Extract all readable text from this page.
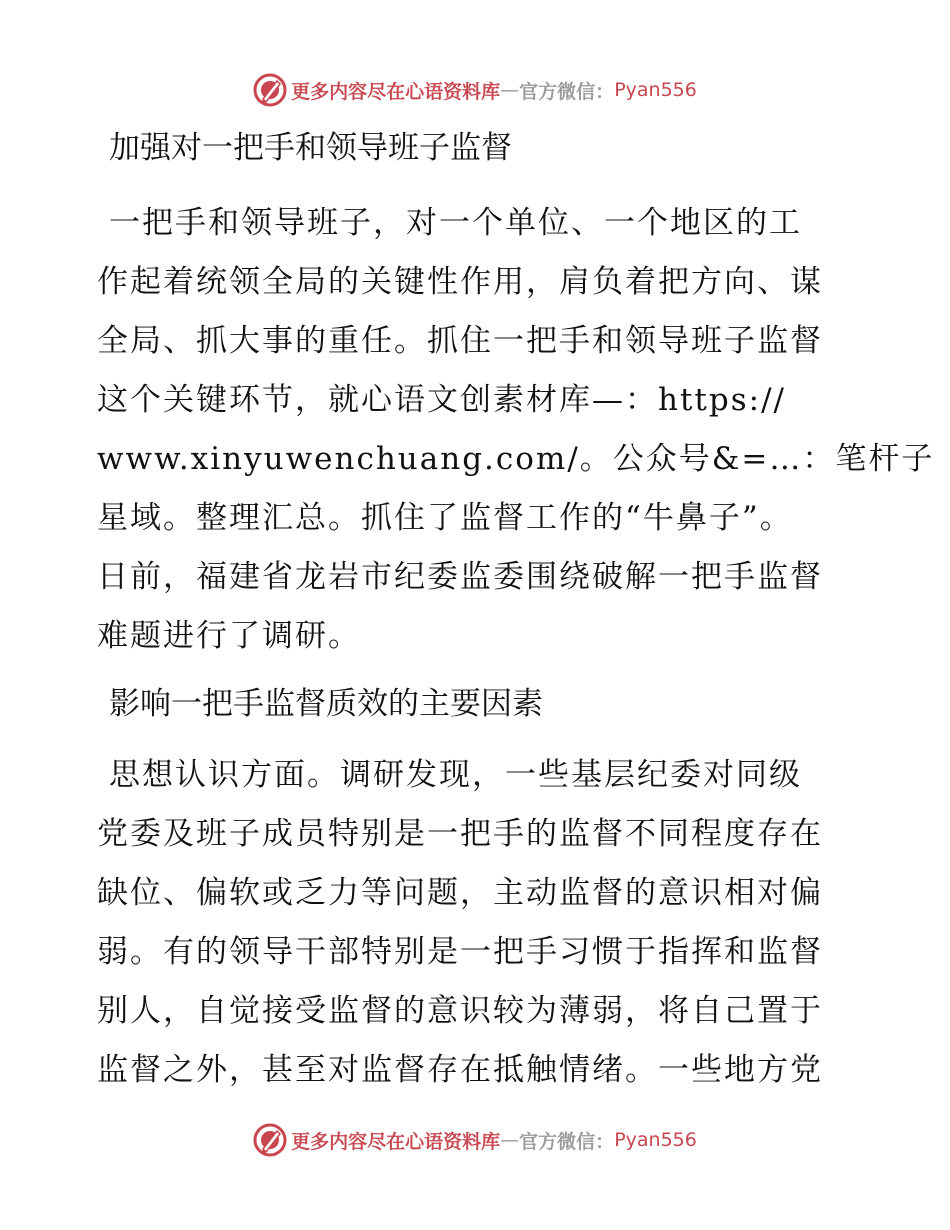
更多内容尽在心语资料库 — 官方微信： Pyan556

加强对一把手和领导班子监督

一把手和领导班子，对一个单位、一个地区的工
作起着统领全局的关键性作用，肩负着把方向、谋
全局、抓大事的重任。抓住一把手和领导班子监督
这个关键环节，就心语文创素材库—：https://
www.xinyuwenchuang.com/。公众号&=…：笔杆子
星域。整理汇总。抓住了监督工作的“牛鼻子”。
日前，福建省龙岩市纪委监委围绕破解一把手监督
难题进行了调研。

影响一把手监督质效的主要因素

思想认识方面。调研发现，一些基层纪委对同级
党委及班子成员特别是一把手的监督不同程度存在
缺位、偏软或乏力等问题，主动监督的意识相对偏
弱。有的领导干部特别是一把手习惯于指挥和监督
别人，自觉接受监督的意识较为薄弱，将自己置于
监督之外，甚至对监督存在抵触情绪。一些地方党

更多内容尽在心语资料库 — 官方微信： Pyan556
